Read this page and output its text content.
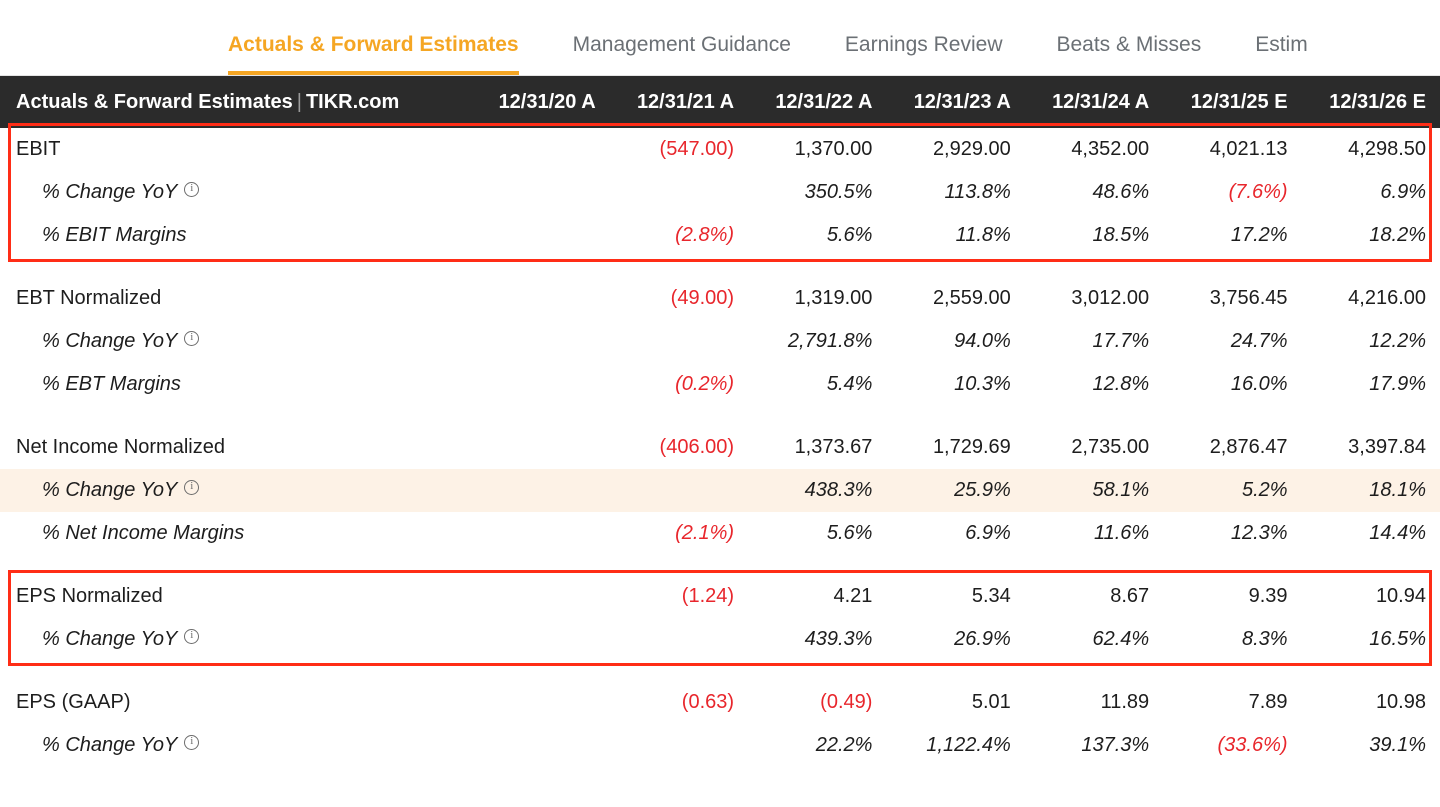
Actuals & Forward Estimates	Management Guidance	Earnings Review	Beats & Misses	Estim
Actuals & Forward Estimates | TIKR.com	12/31/20 A	12/31/21 A	12/31/22 A	12/31/23 A	12/31/24 A	12/31/25 E	12/31/26 E
EBIT		(547.00)	1,370.00	2,929.00	4,352.00	4,021.13	4,298.50
% Change YoYi			350.5%	113.8%	48.6%	(7.6%)	6.9%
% EBIT Margins		(2.8%)	5.6%	11.8%	18.5%	17.2%	18.2%

EBT Normalized		(49.00)	1,319.00	2,559.00	3,012.00	3,756.45	4,216.00
% Change YoYi			2,791.8%	94.0%	17.7%	24.7%	12.2%
% EBT Margins		(0.2%)	5.4%	10.3%	12.8%	16.0%	17.9%

Net Income Normalized		(406.00)	1,373.67	1,729.69	2,735.00	2,876.47	3,397.84
% Change YoYi			438.3%	25.9%	58.1%	5.2%	18.1%
% Net Income Margins		(2.1%)	5.6%	6.9%	11.6%	12.3%	14.4%

EPS Normalized		(1.24)	4.21	5.34	8.67	9.39	10.94
% Change YoYi			439.3%	26.9%	62.4%	8.3%	16.5%

EPS (GAAP)		(0.63)	(0.49)	5.01	11.89	7.89	10.98
% Change YoYi			22.2%	1,122.4%	137.3%	(33.6%)	39.1%
